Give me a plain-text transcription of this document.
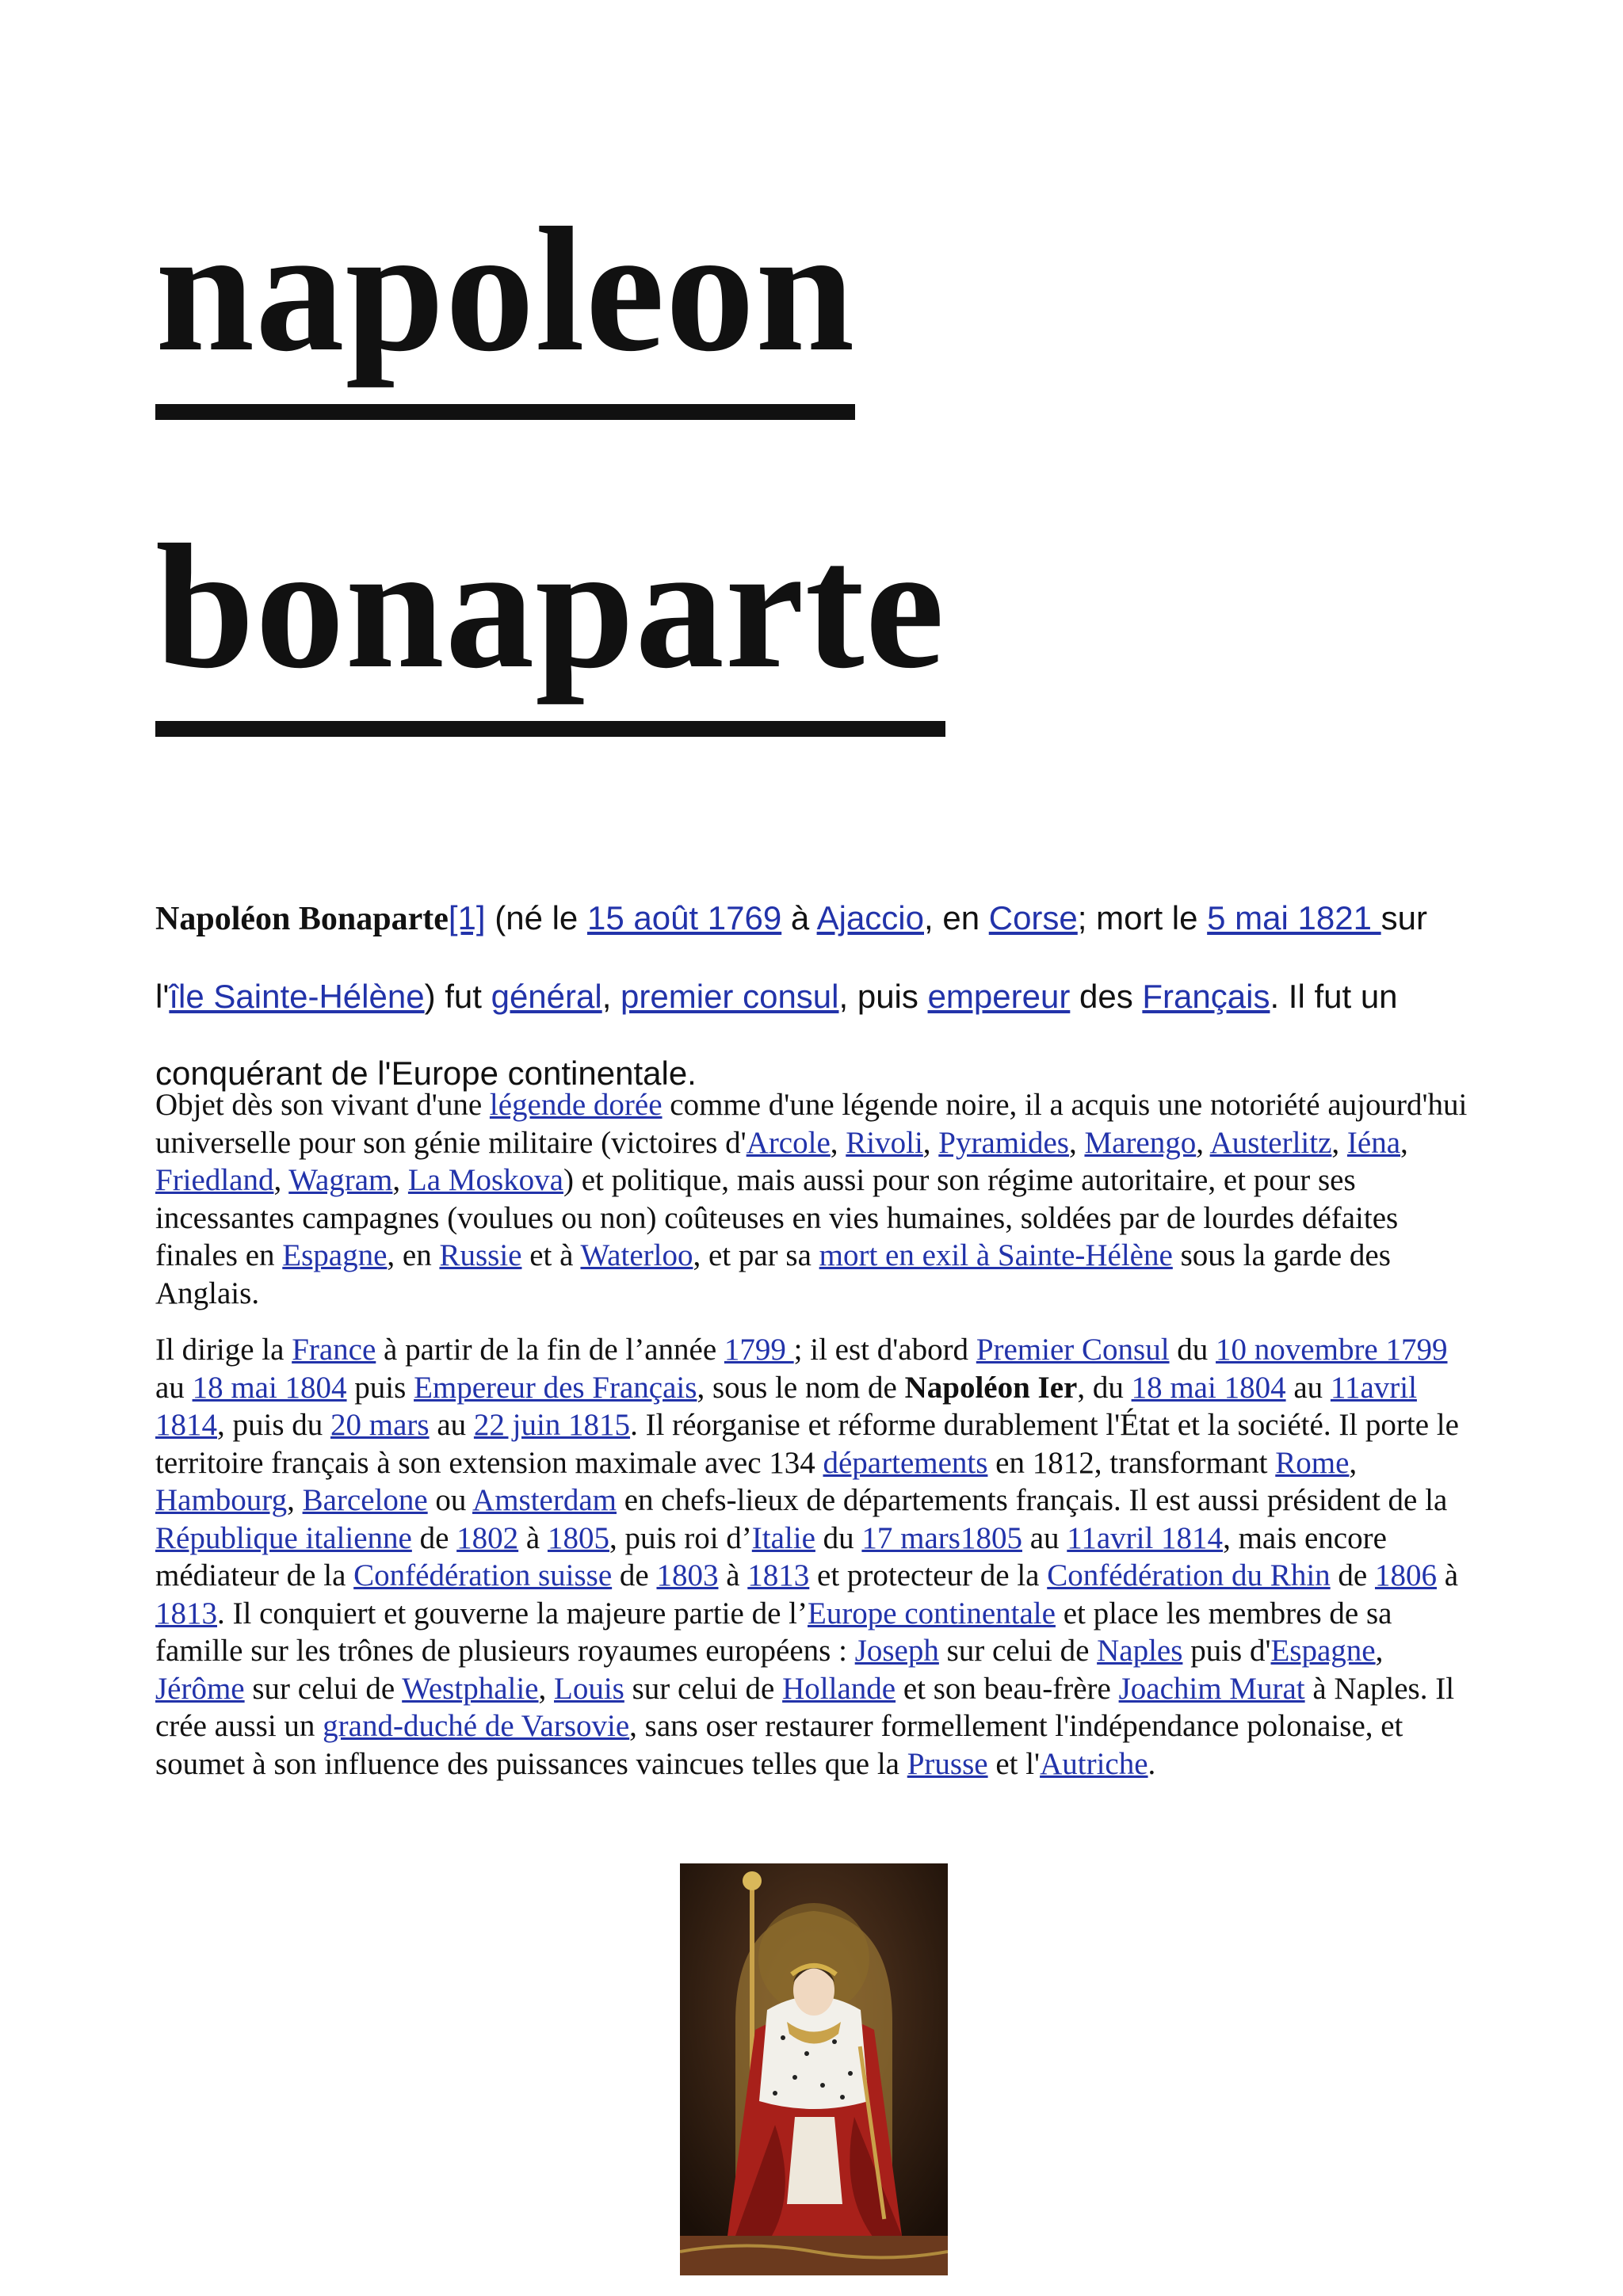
napoleon
bonaparte

Napoléon Bonaparte[1] (né le 15 août 1769 à Ajaccio, en Corse; mort le 5 mai 1821 sur l'île Sainte-Hélène) fut général, premier consul, puis empereur des Français. Il fut un conquérant de l'Europe continentale.

Objet dès son vivant d'une légende dorée comme d'une légende noire, il a acquis une notoriété aujourd'hui universelle pour son génie militaire (victoires d'Arcole, Rivoli, Pyramides, Marengo, Austerlitz, Iéna, Friedland, Wagram, La Moskova) et politique, mais aussi pour son régime autoritaire, et pour ses incessantes campagnes (voulues ou non) coûteuses en vies humaines, soldées par de lourdes défaites finales en Espagne, en Russie et à Waterloo, et par sa mort en exil à Sainte-Hélène sous la garde des Anglais.

Il dirige la France à partir de la fin de l’année 1799 ; il est d'abord Premier Consul du 10 novembre 1799 au 18 mai 1804 puis Empereur des Français, sous le nom de Napoléon Ier, du 18 mai 1804 au 11avril 1814, puis du 20 mars au 22 juin 1815. Il réorganise et réforme durablement l'État et la société. Il porte le territoire français à son extension maximale avec 134 départements en 1812, transformant Rome, Hambourg, Barcelone ou Amsterdam en chefs-lieux de départements français. Il est aussi président de la République italienne de 1802 à 1805, puis roi d’Italie du 17 mars1805 au 11avril 1814, mais encore médiateur de la Confédération suisse de 1803 à 1813 et protecteur de la Confédération du Rhin de 1806 à 1813. Il conquiert et gouverne la majeure partie de l’Europe continentale et place les membres de sa famille sur les trônes de plusieurs royaumes européens : Joseph sur celui de Naples puis d'Espagne, Jérôme sur celui de Westphalie, Louis sur celui de Hollande et son beau-frère Joachim Murat à Naples. Il crée aussi un grand-duché de Varsovie, sans oser restaurer formellement l'indépendance polonaise, et soumet à son influence des puissances vaincues telles que la Prusse et l'Autriche.
